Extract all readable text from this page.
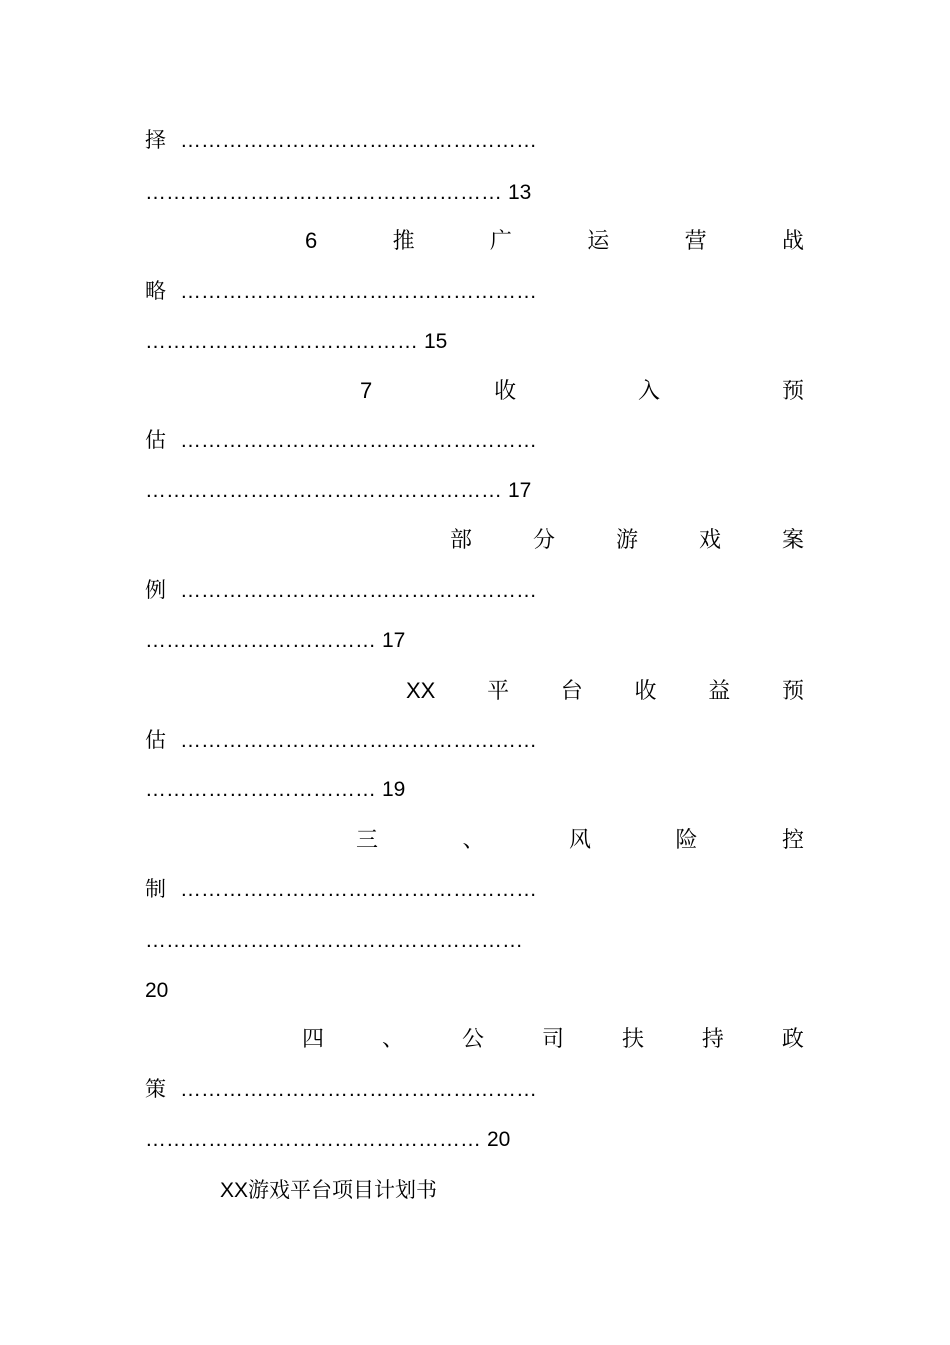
择 ……………………………………………
…………………………………………… 13
6	推	广	运	营	战
略 ……………………………………………
………………………………… 15
7	收	入	预
估 ……………………………………………
…………………………………………… 17
部	分	游	戏	案
例 ……………………………………………
…………………………… 17
XX 平 台 收 益 预
估 ……………………………………………
…………………………… 19
三	、	风	险	控
制 ……………………………………………
………………………………………………
20
四	、	公	司	扶	持	政
策 ……………………………………………
………………………………………… 20
XX游戏平台项目计划书
